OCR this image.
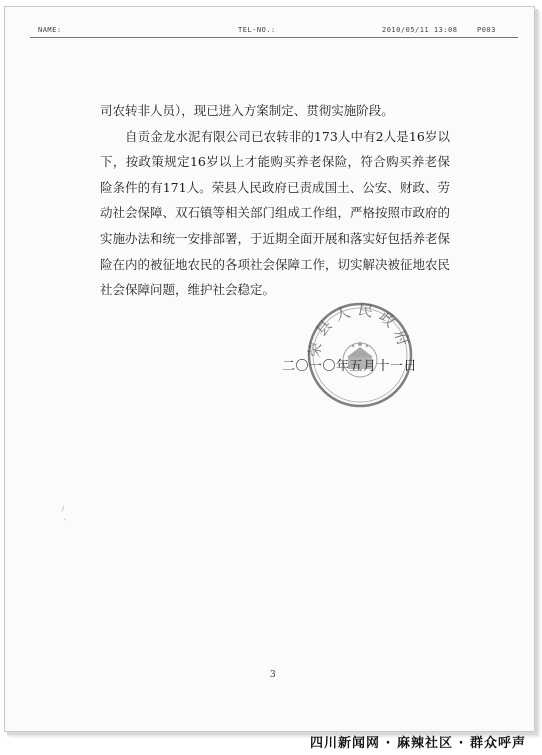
NAME:	TEL-NO.:	2010/05/11 13:08	P003

司农转非人员），现已进入方案制定、贯彻实施阶段。

自贡金龙水泥有限公司已农转非的173人中有2人是16岁以下，按政策规定16岁以上才能购买养老保险，符合购买养老保险条件的有171人。荣县人民政府已责成国土、公安、财政、劳动社会保障、双石镇等相关部门组成工作组，严格按照市政府的实施办法和统一安排部署，于近期全面开展和落实好包括养老保险在内的被征地农民的各项社会保障工作，切实解决被征地农民社会保障问题，维护社会稳定。

荣县人民政府
二〇一〇年五月十一日
3
/
,
四川新闻网 · 麻辣社区 · 群众呼声
